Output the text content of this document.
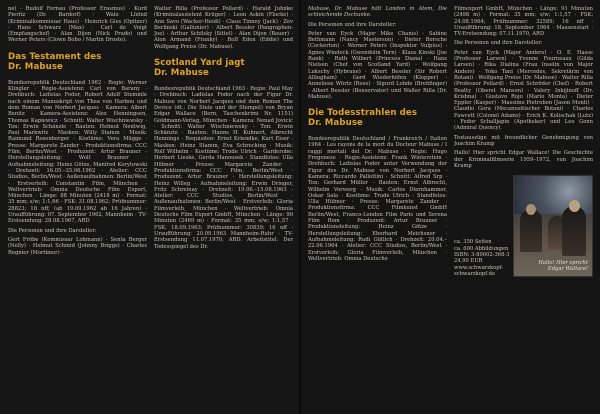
ne) · Rudolf Fernau (Professor Erasmus) · Kurd Pieritz (Dr. Bardorf) · Walo Lüönd (Kriminalkommissar Haus) · Heinrich Gies (Opitzer) · Hans Schwarz (Max) · Carl de Voigt (Empfangschef) · Alan Dijon (Nick Prado) und Werner Peters (Clown Bobo / Martin Droste).

Das Testament des
Dr. Mabuse

Bundesrepublik Deutschland 1962 · Regie: Werner Klingler · Regie-Assistenz: Carl von Barany · Drehbuch: Ladislas Fodor, Robert Adolf Stemmle nach einem Manuskript von Thea von Harbou und dem Roman von Norbert Jacques · Kamera: Albert Benitz · Kamera-Assistenz: Alex Henningsen, Thomas Kapiewicz · Schnitt: Walter Wischniewsky · Ton: Erwin Schänzle · Bauten: Helmut Nentwig, Paul Markwitz · Masken: Willy Stamm · Musik: Raimund Rosenberger · Kostüme: Vera Mügge · Presse: Margarete Zander · Produktionsfirma: CCC Film, Berlin/West · Produzent: Artur Brauner · Herstellungsleitung: Wolf Brauner · Aufnahmeleitung: Heinz Götze, Manfred Korytowski · Drehzeit: 16.05.–25.06.1962 · Atelier: CCC Studios, Berlin/West · Außenaufnahmen: Berlin/West · Erstverleih: Constantin Film, München · Weltvertrieb: Omnia Deutsche Film Export, München · Länge: 88 Minuten (2418 m) · Format: 35 mm; s/w; 1:1,66 · FSK: 31.08.1962; Prüfnummer: 28823; 18 nff; (ab 19.09.1962 ab 16 Jahren) · Uraufführung: 07. September 1962, Mannheim · TV-Erstsendung: 28.08.1967, ARD

Die Personen und ihre Darsteller:

Gert Fröbe (Kommissar Lohmann) · Senta Berger (Nelly) · Helmut Schmid (Johnny Briggs) · Charles Regnier (Mortimer) ·

Walter Rilla (Professor Pollard) · Harald Juhnke (Kriminalassistent Krüger) · Leon Askin (Flocke) · Ann Savo (Wacker-Heidi) · Claus Tinney (Jack) · Zev Berlinski (Gallunier) · Albert Bessler (Pangraphen-Joe) · Arthur Schilsky (Sittel) · Alan Dijon (Bauer) · Alon Armand (Franky) · Rolf Eden (Eddie) und Wolfgang Preiss (Dr. Mabuse).

Scotland Yard jagt
Dr. Mabuse

Bundesrepublik Deutschland 1963 · Regie: Paul May · Drehbuch: Ladislas Fodor nach der Figur Dr. Mabuse von Norbert Jacques und dem Roman The Device (dt.: Die Stele und der Stempel) von Bryan Edgar Wallace (Bern, Taschenkrimi Nr. 1151) Goldmann-Verlag, München · Kamera: Nenad Jovicic · Schnitt: Walter Wischniewsky · Ton: Erwin Schänzle · Bauten: Hanns H. Kuhnert, Albrecht Hennings · Requisiten: Ernst Kriendke, Kurt Eiser · Masken: Heinz Stamm, Eva Schrecking · Musik: Rolf Wilhelm · Kostüme: Trude Ulrich · Garderobe: Herbert Lieske, Gerda Hanousek · Standfotos: Ulla Hübner · Presse: Margarete Zander · Produktionsfirma: CCC Film, Berlin/West · Produzent: Artur Brauner · Herstellungsleitung: Heinz Willeg · Aufnahmeleitung: Erwin Drieger, Fritz Schreinay · Drehzeit: 19.06.–15.08.1963 · Atelier: CCC Studios, Berlin/West · Außenaufnahmen: Berlin/West · Erstverleih: Gloria Filmverleih, München · Weltvertrieb: Omnia Deutsche Film Export GmbH, München · Länge: 90 Minuten (2469 m) · Format: 35 mm; s/w; 1:1,57 · FSK: 18.09.1963; Prüfnummer: 30839; 16 nff · Uraufführung: 20.09.1963 Mannheim-Ruhr · TV-Erstsendung 11.07.1970, ARD. Arbeitstitel: Der Todesspiegel des Dr.

Mabuse, Dr. Mabuse hält London in Atem, Die schleichende Dschunke.

Die Personen und ihre Darsteller:

Peter van Eyck (Major Mike Chanis) · Sabine Bethmann (Nancy Masterson) · Dieter Borsche (Cockerton) · Werner Peters (Inspektor Vulpius) · Agnes Windeck (Gwendolin Tern) · Klaus Kinski (Joe Rank) · Ruth Wilbert (Princess Diana) · Hans Nielsen (Chef von Scotland Yard) · Wolfgang Lukschy (Hybrane) · Albert Bessler (Sir Robert Allingham) · Gerd Wiederhöfen (Klopper) · Anneliese Würtz (Rose) · Sigurd Lohde (Brehfinger) · Albert Bessler (Bonservator) und Walter Rilla (Dr. Mabuse).

Die Todesstrahlen des
Dr. Mabuse

Bundesrepublik Deutschland / Frankreich / Italien 1964 · Les rayons de la mort du Docteur Mabuse / I raggi mortali del Dr. Mabuse · Regie: Hugo Fregonese · Regie-Assistenz: Frank Winterstein · Drehbuch: Ladislas Fodor unter Verwendung der Figur des Dr. Mabuse von Norbert Jacques · Kamera: Riccardo Pallottini · Schnitt: Alfred Srp · Ton: Gerhard Müller · Bauten: Ernst Albrecht, Wilhelm Vorwerg · Musik: Carlos Diernhammer, Oskar Sala · Kostüme: Trude Ulrich · Standfotos: Ulla Hübner · Presse: Margarete Zander · Produktionsfirma: CCC Filmkunst GmbH Berlin/West, Franco-London Film Paris und Serena Film Rom · Produzent: Artur Brauner · Produktionsleitung: Heinz Götze · Herstellungsleitung: Eberhard Meichsner · Aufnahmeleitung: Rudi Gütlich · Drehzeit: 20.04.–22.06.1964 · Atelier: CCC Studios, Berlin/West · Erstverleih: Gloria Filmverleih, München · Weltvertrieb: Omnia Deutsche

Filmexport GmbH, München · Länge: 91 Minuten (2498 m) · Format: 35 mm; s/w; 1:1,57 · FSK: 24.08.1964; Prüfnummer: 32589; 16 nff · Uraufführung: 18. September 1964 · Massenstart · TV-Erstsendung: 07.11.1970, ARD

Die Personen und ihre Darsteller:

Peter van Eyck (Major Anders) · O. E. Hasse (Professor Larsen) · Yvonne Fourneaux (Gilda Larsen) · Rika Dialina (Frau Inselin von Major Anders) · Yoko Tani (Mercedes, Sekretärin von Botani) · Wolfgang Preiss (Dr. Mabuse) · Walter Rilla (Professor Pollard) · Ernst Schröder (Chef) · Robert Beatty (Oberst Manson) · Valery Inkijinoff (Dr. Krishna) · Gustavo Rojo (Mario Monta) · Dieter Eppler (Kasper) · Massimo Pietrobon (Jason Monti) · Claudio Gora (Mecanusitischer Botani) · Charles Fawcett (Colonel Adams) · Erich K. Kolischak (Lutz) · Fedor Schalljapin (Apotheker) und Leo Genn (Admiral Quency).

Textauszüge mit freundlicher Genehmigung von Joachim Kramp

Hallo! Hier spricht Edgar Wallace! Die Geschichte der Kriminalfilmserie 1959–1972, von Joachim Kramp

ca. 350 Seiten
ca. 600 Abbildungen
ISBN: 3-89602-368-3
24,90 EUR
www.schwarzkopf-
schwarzkopf.de
Hallo! Hier spricht
Edgar Wallace!
